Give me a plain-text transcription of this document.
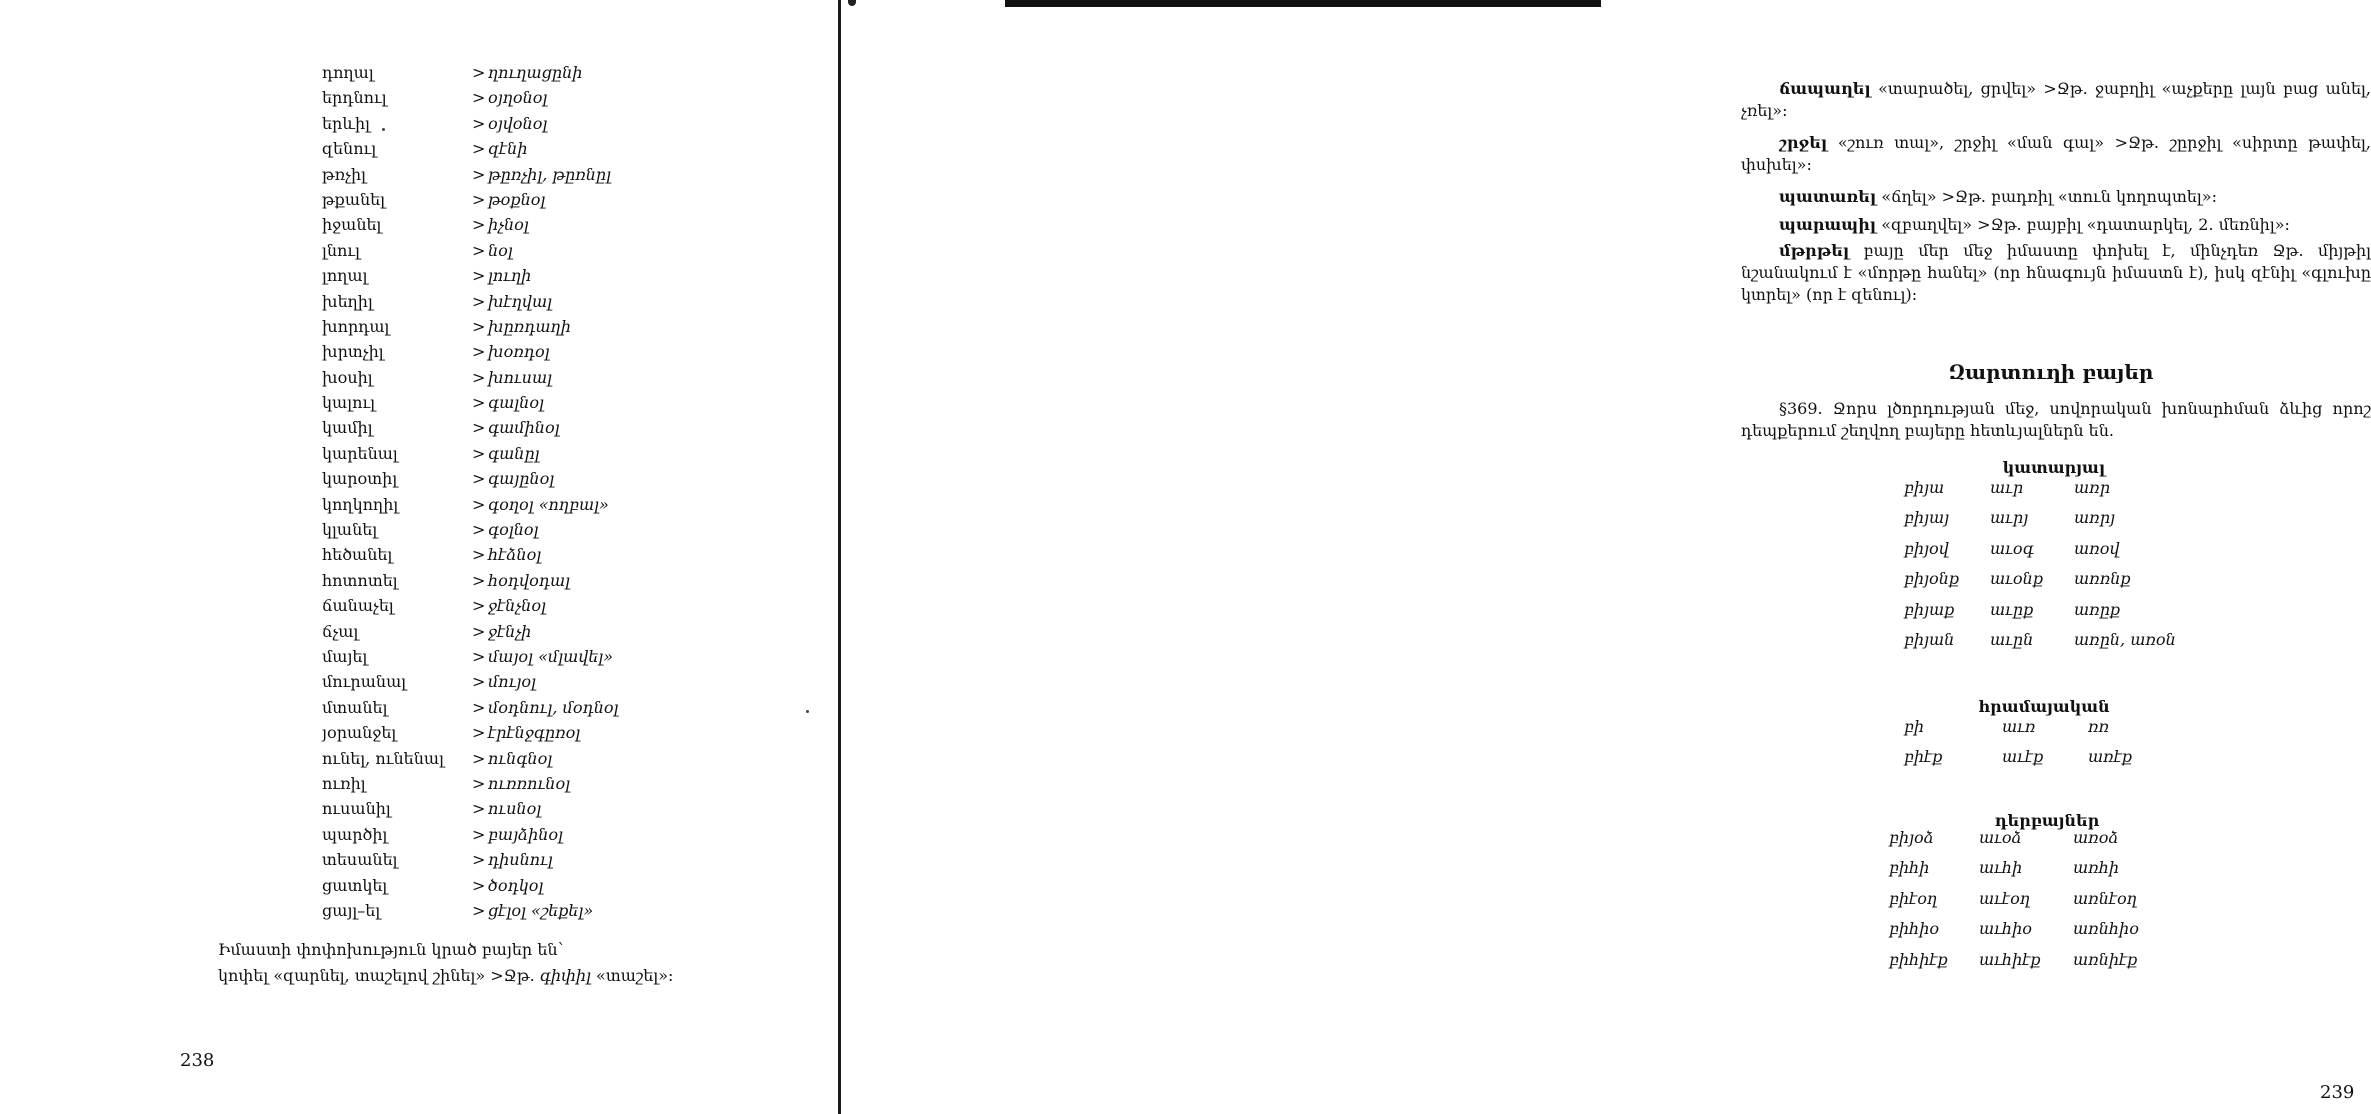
դողալ	> ղուղացընի
երդնուլ	> օյղօնօլ
երևիլ	> օյվօնօլ
զենուլ	> զէնի
թռչիլ	> թըռչիլ, թըռնըլ
թքանել	> թօքնօլ
իջանել	> իչնօլ
լնուլ	> նօլ
լողալ	> լուղի
խեղիլ	> խէղվալ
խորդալ	> խըռդաղի
խրտչիլ	> խօռդօլ
խօսիլ	> խուսալ
կալուլ	> գալնօլ
կամիլ	> գամինօլ
կարենալ	> գանըլ
կարօտիլ	> գայընօլ
կողկողիլ	> գօղօլ «ողբալ»
կլանել	> գօլնօլ
հեծանել	> հէձնօլ
հոտոտել	> հօդվօդալ
ճանաչել	> ջէնչնօլ
ճչալ	> ջէնչի
մայել	> մայօլ «մլավել»
մուրանալ	> մույօլ
մտանել	> մօդնուլ, մօդնօլ
յօրանջել	> էրէնջգըռօլ
ունել, ունենալ > ունգնօլ
ուռիլ	> ուռռունօլ
ուսանիլ	> ուսնօլ
պարծիլ	> բայձինօլ
տեսանել	> դիսնուլ
ցատկել	> ծօդկօլ
ցայլ–ել	> ցէլօլ «շեքել»
Իմաստի փոփոխություն կրած բայեր են՝
կոփել «զարնել, տաշելով շինել» >Ջթ. գիփիլ «տաշել»:
238

ճապաղել «տարածել, ցրվել» >Ջթ. ջաբղիլ «աչքերը լայն բաց անել, չռել»:

շրջել «շուռ տալ», շրջիլ «ման գալ» >Ջթ. շըրջիլ «սիրտը թափել, փսխել»:

պատառել «ճղել» >Ջթ. բադռիլ «տուն կողոպտել»:

պարապիլ «զբաղվել» >Ջթ. բայբիլ «դատարկել, 2. մեռնիլ»:

մթրթել բայը մեր մեջ իմաստը փոխել է, մինչդեռ Ջթ. միյթիլ նշանակում է «մորթը հանել» (որ հնագույն իմաստն է), իսկ զէնիլ «գլուխը կտրել» (որ է զենուլ):

Զարտուղի բայեր

§369. Ջորս լծորդության մեջ, սովորական խոնարհման ձևից որոշ դեպքերում շեղվող բայերը հետևյալներն են.

կատարյալ
բիյա	աւր	առր
բիյայ	աւրյ	առրյ
բիյօվ	աւօգ	առօվ
բիյօնք աւօնք առռնք
բիյաք աւըք	առըք
բիյան աւըն	առըն, առօն
հրամայական
բի	աւռ	ռռ
բիէք	աւէք	առէք
դերբայներ
բիյօձ	աւօձ	առօձ
բիհի	աւհի	առհի
բիէօղ	աւէօղ	առնէօղ
բիհիօ աւհիօ	առնհիօ
բիհիէք աւհիէք առնիէք
239
